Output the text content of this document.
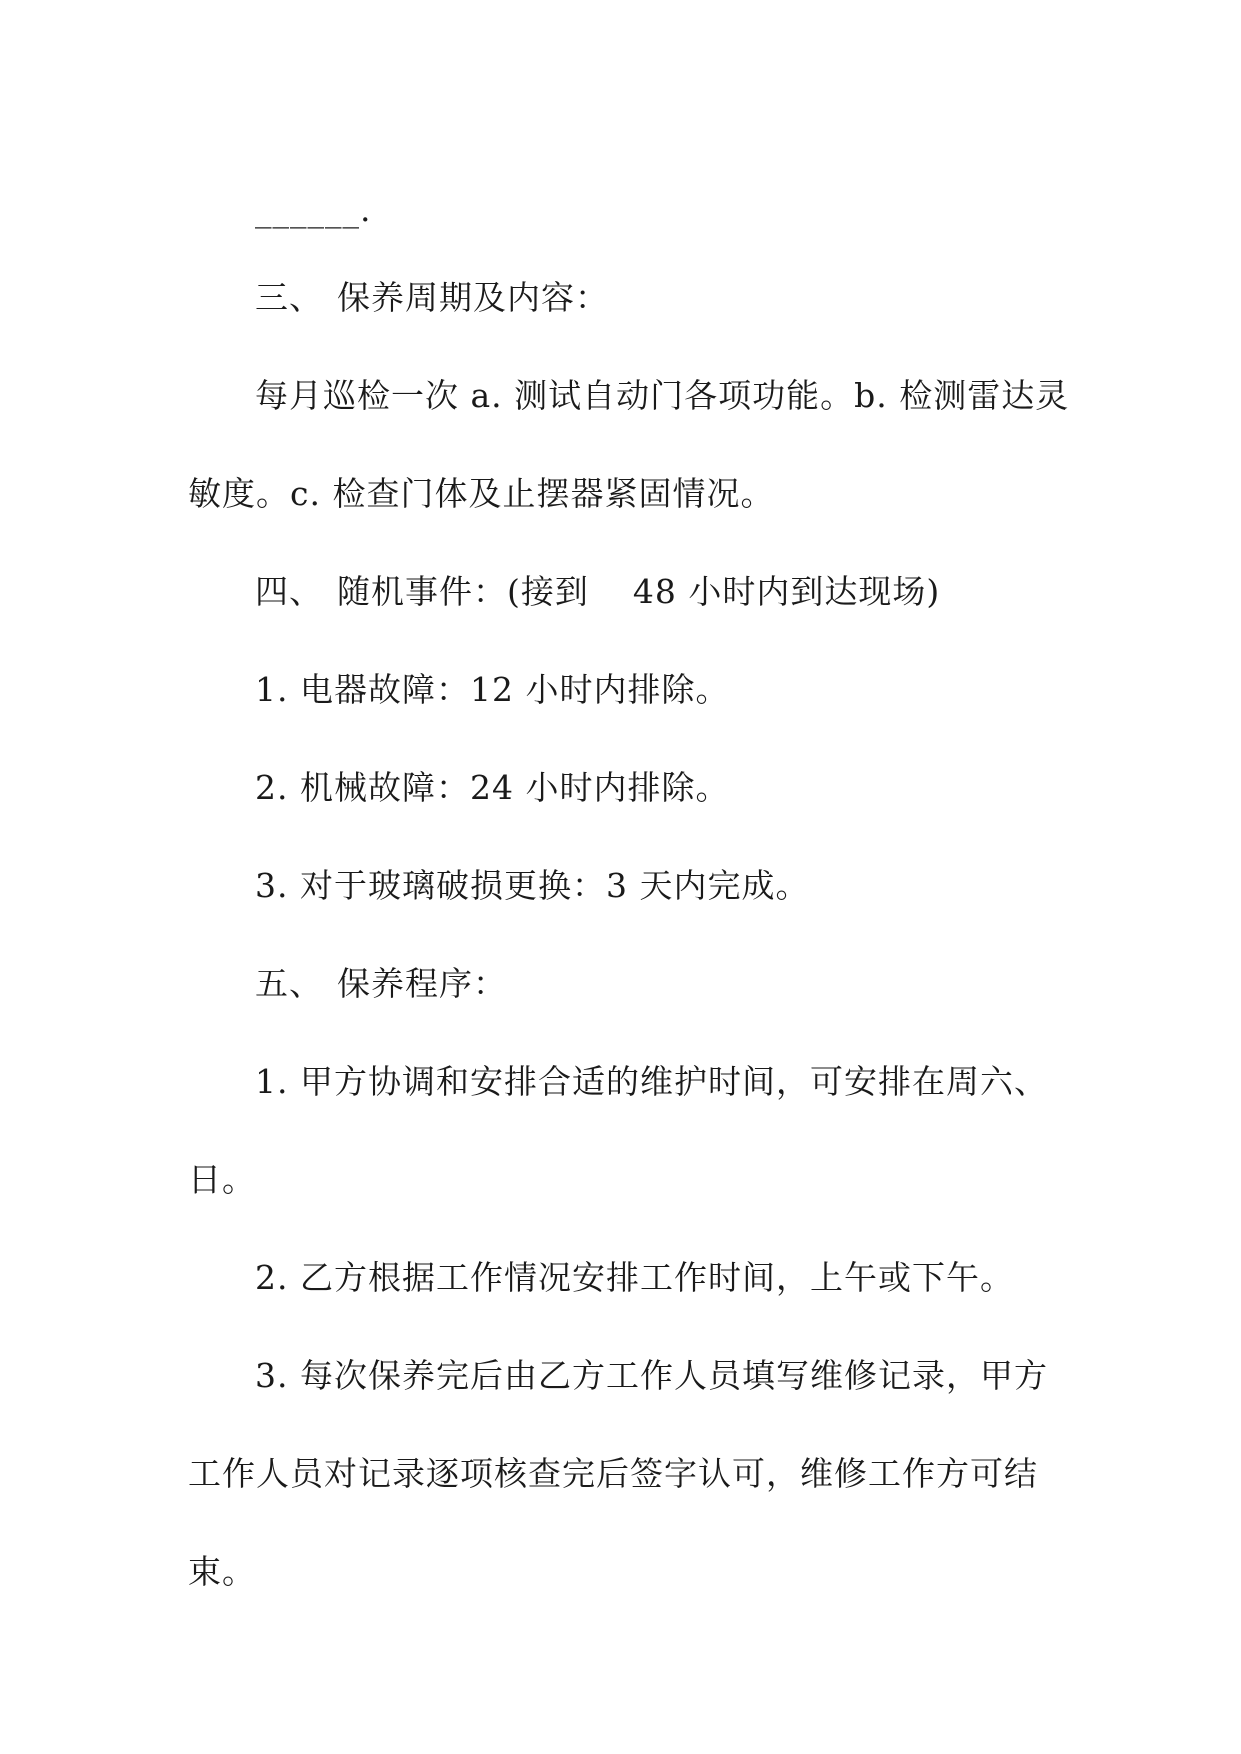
______.
三、 保养周期及内容：
每月巡检一次 a. 测试自动门各项功能。b. 检测雷达灵
敏度。c. 检查门体及止摆器紧固情况。
四、 随机事件：(接到 48 小时内到达现场)
1. 电器故障：12 小时内排除。
2. 机械故障：24 小时内排除。
3. 对于玻璃破损更换：3 天内完成。
五、 保养程序：
1. 甲方协调和安排合适的维护时间，可安排在周六、
日。
2. 乙方根据工作情况安排工作时间，上午或下午。
3. 每次保养完后由乙方工作人员填写维修记录，甲方
工作人员对记录逐项核查完后签字认可，维修工作方可结
束。
